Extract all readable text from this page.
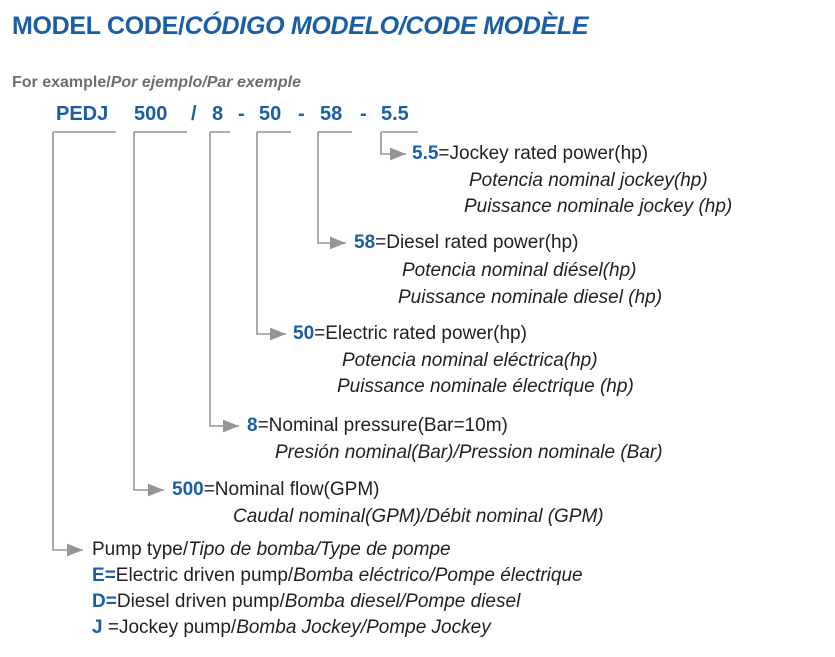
MODEL CODE/CÓDIGO MODELO/CODE MODÈLE
For example/Por ejemplo/Par exemple
PEDJ 500 / 8 - 50 - 58 - 5.5
5.5=Jockey rated power(hp)
Potencia nominal jockey(hp)
Puissance nominale jockey (hp)
58=Diesel rated power(hp)
Potencia nominal diésel(hp)
Puissance nominale diesel (hp)
50=Electric rated power(hp)
Potencia nominal eléctrica(hp)
Puissance nominale électrique (hp)
8=Nominal pressure(Bar=10m)
Presión nominal(Bar)/Pression nominale (Bar)
500=Nominal flow(GPM)
Caudal nominal(GPM)/Débit nominal (GPM)
Pump type/Tipo de bomba/Type de pompe
E=Electric driven pump/Bomba eléctrico/Pompe électrique
D=Diesel driven pump/Bomba diesel/Pompe diesel
J =Jockey pump/Bomba Jockey/Pompe Jockey
